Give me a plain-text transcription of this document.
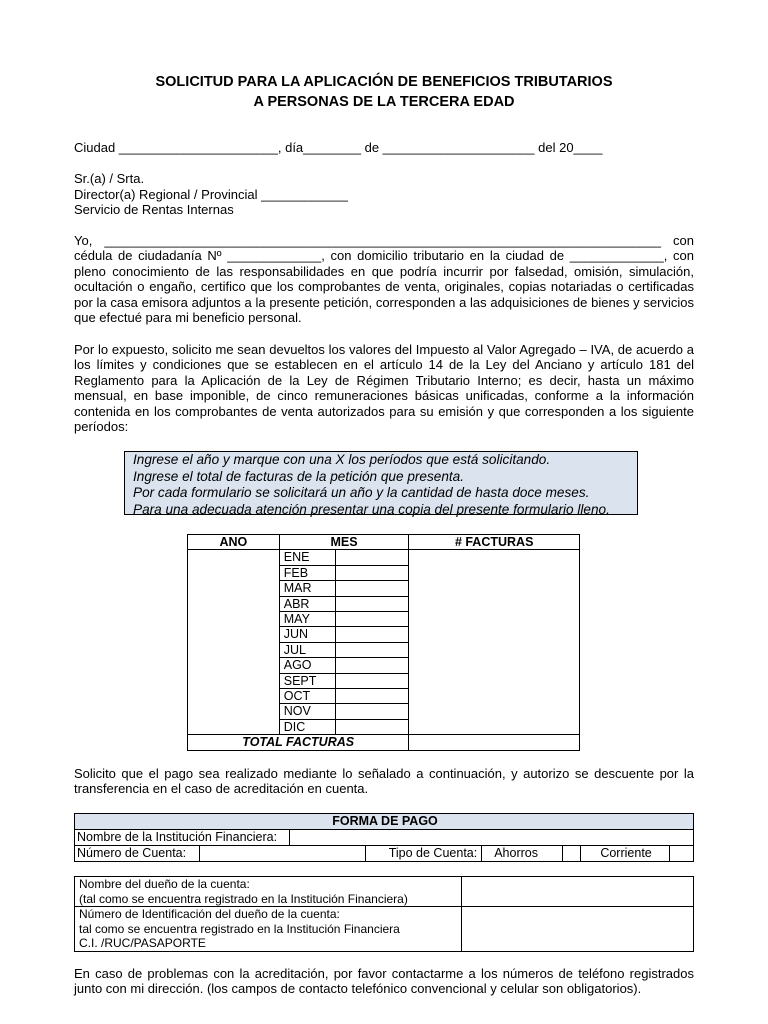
SOLICITUD PARA LA APLICACIÓN DE BENEFICIOS TRIBUTARIOS
A PERSONAS DE LA TERCERA EDAD
Ciudad ______________________, día________ de _____________________ del 20____
Sr.(a) / Srta.
Director(a) Regional / Provincial ____________
Servicio de Rentas Internas
Yo, _____________________________________________________________________________ con cédula de ciudadanía Nº _____________, con domicilio tributario en la ciudad de _____________, con pleno conocimiento de las responsabilidades en que podría incurrir por falsedad, omisión, simulación, ocultación o engaño, certifico que los comprobantes de venta, originales, copias notariadas o certificadas por la casa emisora adjuntos a la presente petición, corresponden a las adquisiciones de bienes y servicios que efectué para mi beneficio personal.
Por lo expuesto, solicito me sean devueltos los valores del Impuesto al Valor Agregado – IVA, de acuerdo a los límites y condiciones que se establecen en el artículo 14 de la Ley del Anciano y artículo 181 del Reglamento para la Aplicación de la Ley de Régimen Tributario Interno; es decir, hasta un máximo mensual, en base imponible, de cinco remuneraciones básicas unificadas, conforme a la información contenida en los comprobantes de venta autorizados para su emisión y que corresponden a los siguiente períodos:
Ingrese el año y marque con una X los períodos que está solicitando.
Ingrese el total de facturas de la petición que presenta.
Por cada formulario se solicitará un año y la cantidad de hasta doce meses.
Para una adecuada atención presentar una copia del presente formulario lleno.
ANO	MES		# FACTURAS
	ENE		
	FEB		
	MAR		
	ABR		
	MAY		
	JUN		
	JUL		
	AGO		
	SEPT		
	OCT		
	NOV		
	DIC		
TOTAL FACTURAS			
Solicito que el pago sea realizado mediante lo señalado a continuación, y autorizo se descuente por la transferencia en el caso de acreditación en cuenta.
FORMA DE PAGO							
Nombre de la Institución Financiera:							
Número de Cuenta:			Tipo de Cuenta:	Ahorros		Corriente	
Nombre del dueño de la cuenta:
(tal como se encuentra registrado en la Institución Financiera)	

Número de Identificación del dueño de la cuenta:
tal como se encuentra registrado en la Institución Financiera
C.I. /RUC/PASAPORTE	

En caso de problemas con la acreditación, por favor contactarme a los números de teléfono registrados junto con mi dirección. (los campos de contacto telefónico convencional y celular son obligatorios).
